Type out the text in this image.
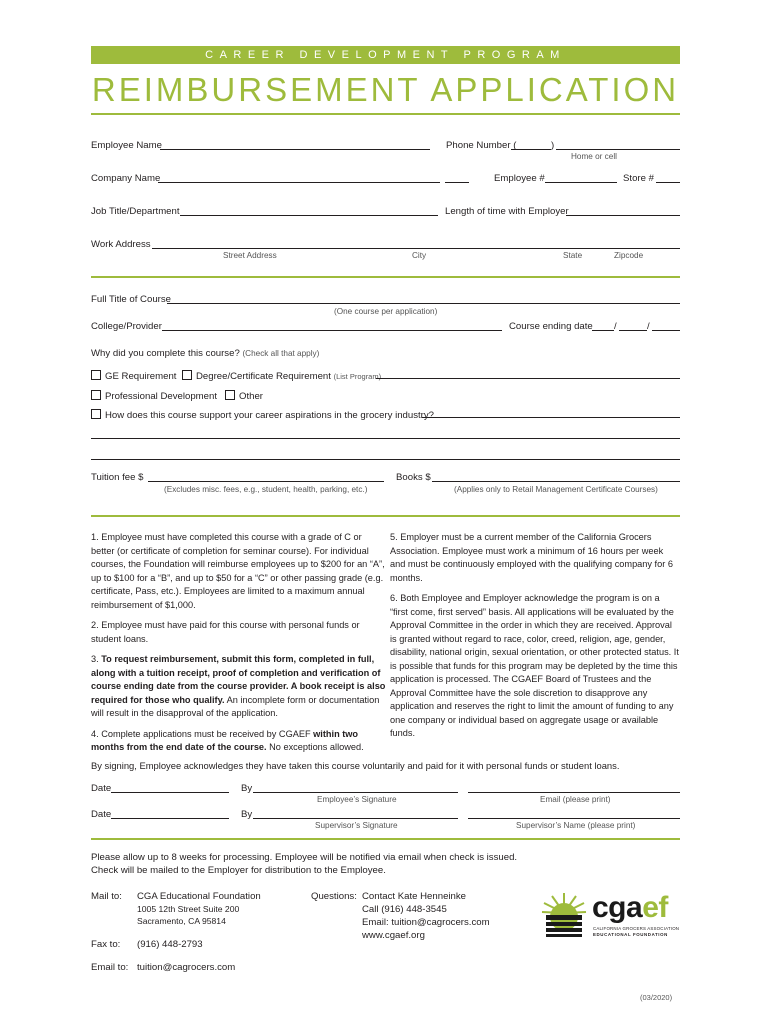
CAREER DEVELOPMENT PROGRAM
REIMBURSEMENT APPLICATION
Employee Name	Phone Number (	)
Home or cell
Company Name	Employee #	Store #
Job Title/Department	Length of time with Employer
Work Address
Street Address	City	State	Zipcode
Full Title of Course
(One course per application)
College/Provider	Course ending date /	/
Why did you complete this course? (Check all that apply)
GE Requirement	Degree/Certificate Requirement (List Program)
Professional Development	Other
How does this course support your career aspirations in the grocery industry?
Tuition fee $
(Excludes misc. fees, e.g., student, health, parking, etc.)
Books $
(Applies only to Retail Management Certificate Courses)

1. Employee must have completed this course with a grade of C or better (or certificate of completion for seminar course). For individual courses, the Foundation will reimburse employees up to $200 for an “A”, up to $100 for a “B”, and up to $50 for a “C” or other passing grade (e.g. certificate, Pass, etc.). Employees are limited to a maximum annual reimbursement of $1,000.

2. Employee must have paid for this course with personal funds or student loans.

3. To request reimbursement, submit this form, completed in full, along with a tuition receipt, proof of completion and verification of course ending date from the course provider. A book receipt is also required for those who qualify. An incomplete form or documentation will result in the disapproval of the application.

4. Complete applications must be received by CGAEF within two months from the end date of the course. No exceptions allowed.

5. Employer must be a current member of the California Grocers Association. Employee must work a minimum of 16 hours per week and must be continuously employed with the qualifying company for 6 months.

6. Both Employee and Employer acknowledge the program is on a “first come, first served” basis. All applications will be evaluated by the Approval Committee in the order in which they are received. Approval is granted without regard to race, color, creed, religion, age, gender, disability, national origin, sexual orientation, or other protected status. It is possible that funds for this program may be depleted by the time this application is processed. The CGAEF Board of Trustees and the Approval Committee have the sole discretion to disapprove any application and reserves the right to limit the amount of funding to any one company or individual based on aggregate usage or available funds.

By signing, Employee acknowledges they have taken this course voluntarily and paid for it with personal funds or student loans.
Date	By
Employee’s Signature	Email (please print)
Date	By
Supervisor’s Signature	Supervisor’s Name (please print)
Please allow up to 8 weeks for processing. Employee will be notified via email when check is issued.
Check will be mailed to the Employer for distribution to the Employee.
Mail to: CGA Educational Foundation
1005 12th Street Suite 200
Sacramento, CA 95814
Questions: Contact Kate Henneinke
Call (916) 448-3545
Email: tuition@cagrocers.com
www.cgaef.org
Fax to: (916) 448-2793
Email to: tuition@cagrocers.com
cgaef
CALIFORNIA GROCERS ASSOCIATION
EDUCATIONAL FOUNDATION
(03/2020)
